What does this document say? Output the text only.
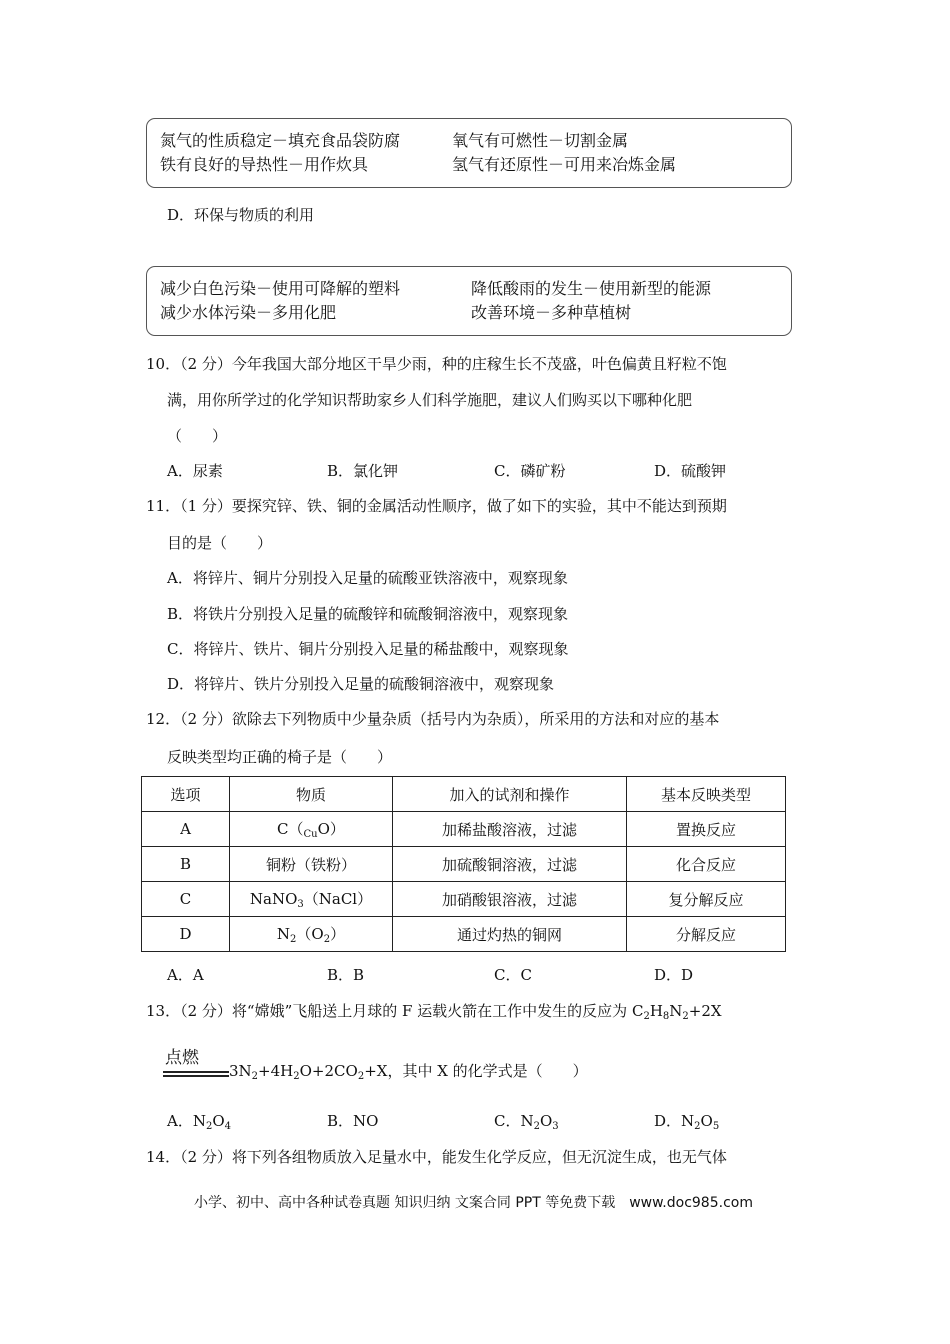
氮气的性质稳定－填充食品袋防腐	氧气有可燃性－切割金属
铁有良好的导热性－用作炊具	氢气有还原性－可用来冶炼金属
D．环保与物质的利用
减少白色污染－使用可降解的塑料	降低酸雨的发生－使用新型的能源
减少水体污染－多用化肥	改善环境－多种草植树
10．（2 分）今年我国大部分地区干旱少雨，种的庄稼生长不茂盛，叶色偏黄且籽粒不饱
满，用你所学过的化学知识帮助家乡人们科学施肥，建议人们购买以下哪种化肥
（　　）
A．尿素	B．氯化钾	C．磷矿粉	D．硫酸钾
11．（1 分）要探究锌、铁、铜的金属活动性顺序，做了如下的实验，其中不能达到预期
目的是（　　）
A．将锌片、铜片分别投入足量的硫酸亚铁溶液中，观察现象
B．将铁片分别投入足量的硫酸锌和硫酸铜溶液中，观察现象
C．将锌片、铁片、铜片分别投入足量的稀盐酸中，观察现象
D．将锌片、铁片分别投入足量的硫酸铜溶液中，观察现象
12．（2 分）欲除去下列物质中少量杂质（括号内为杂质），所采用的方法和对应的基本
反映类型均正确的椅子是（　　）
选项	物质	加入的试剂和操作	基本反映类型
A	$C(_{Cu}O)$	加稀盐酸溶液，过滤	置换反应
B	铜粉（铁粉）	加硫酸铜溶液，过滤	化合反应
C	NaNO$_3$（NaCl）	加硝酸银溶液，过滤	复分解反应
D	$N_2(O_2)$	通过灼热的铜网	分解反应
A．A	B．B	C．C	D．D
13．（2 分）将“嫦娥”飞船送上月球的 F 运载火箭在工作中发生的反应为 $C_2H_8N_2+2X$
点燃
$3N_2+4H_2O+2CO_2+X$，其中 X 的化学式是（　　）
A．$N_2O_4$	B．NO	C．$N_2O_3$	D．$N_2O_5$
14．（2 分）将下列各组物质放入足量水中，能发生化学反应，但无沉淀生成，也无气体
小学、初中、高中各种试卷真题 知识归纳 文案合同 PPT 等免费下载　www.doc985.com
